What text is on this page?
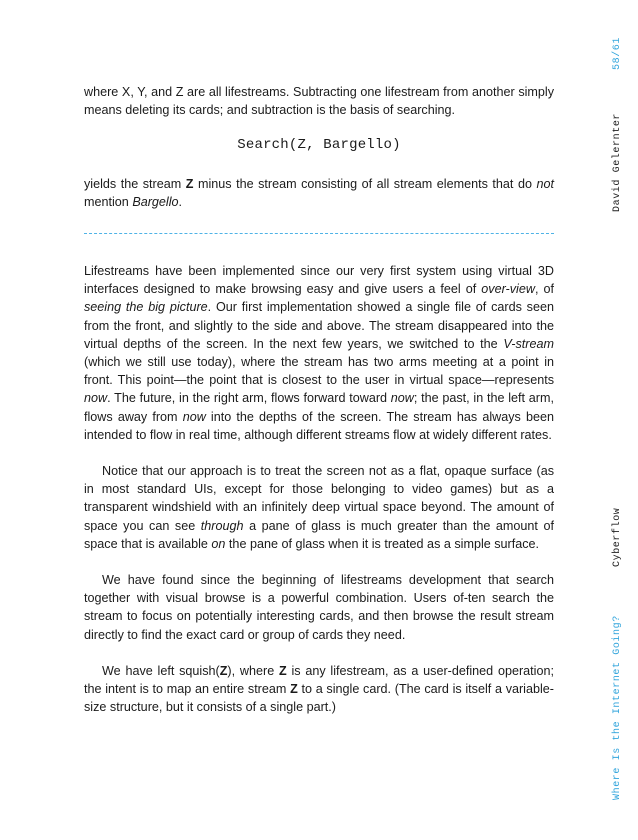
58/61
David Gelernter
Cyberflow
Where Is the Internet Going?

where X, Y, and Z are all lifestreams. Subtracting one lifestream from another simply means deleting its cards; and subtraction is the basis of searching.

Search(Z, Bargello)

yields the stream Z minus the stream consisting of all stream elements that do not mention Bargello.

Lifestreams have been implemented since our very first system using virtual 3D interfaces designed to make browsing easy and give users a feel of over-view, of seeing the big picture. Our first implementation showed a single file of cards seen from the front, and slightly to the side and above. The stream disappeared into the virtual depths of the screen. In the next few years, we switched to the V-stream (which we still use today), where the stream has two arms meeting at a point in front. This point—the point that is closest to the user in virtual space—represents now. The future, in the right arm, flows forward toward now; the past, in the left arm, flows away from now into the depths of the screen. The stream has always been intended to flow in real time, although different streams flow at widely different rates.

Notice that our approach is to treat the screen not as a flat, opaque surface (as in most standard UIs, except for those belonging to video games) but as a transparent windshield with an infinitely deep virtual space beyond. The amount of space you can see through a pane of glass is much greater than the amount of space that is available on the pane of glass when it is treated as a simple surface.

We have found since the beginning of lifestreams development that search together with visual browse is a powerful combination. Users of-ten search the stream to focus on potentially interesting cards, and then browse the result stream directly to find the exact card or group of cards they need.

We have left squish(Z), where Z is any lifestream, as a user-defined operation; the intent is to map an entire stream Z to a single card. (The card is itself a variable-size structure, but it consists of a single part.)
